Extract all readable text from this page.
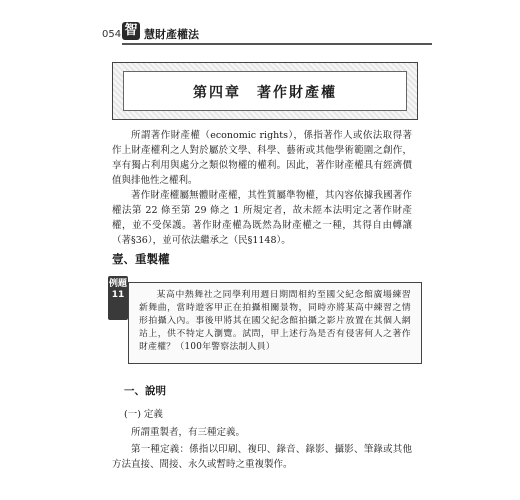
054 智 慧財產權法
第四章　著作財產權

所謂著作財產權（economic rights），係指著作人或依法取得著作上財產權利之人對於屬於文學、科學、藝術或其他學術範圍之創作，享有獨占利用與處分之類似物權的權利。因此，著作財產權具有經濟價值與排他性之權利。

著作財產權屬無體財產權，其性質屬準物權，其內容依據我國著作權法第 22 條至第 29 條之 1 所規定者，故未經本法明定之著作財產權，並不受保護。著作財產權為既然為財產權之一種，其得自由轉讓（著§36），並可依法繼承之（民§1148）。

壹、重製權
例題11	某高中熱舞社之同學利用週日期間相約至國父紀念館廣場練習新舞曲，當時遊客甲正在拍攝相關景物，同時亦將某高中練習之情形拍攝入內。事後甲將其在國父紀念館拍攝之影片放置在其個人網站上，供不特定人瀏覽。試問，甲上述行為是否有侵害何人之著作財產權？（100年警察法制人員）

一、說明
(一) 定義

所謂重製者，有三種定義。

第一種定義：係指以印刷、複印、錄音、錄影、攝影、筆錄或其他方法直接、間接、永久或暫時之重複製作。
